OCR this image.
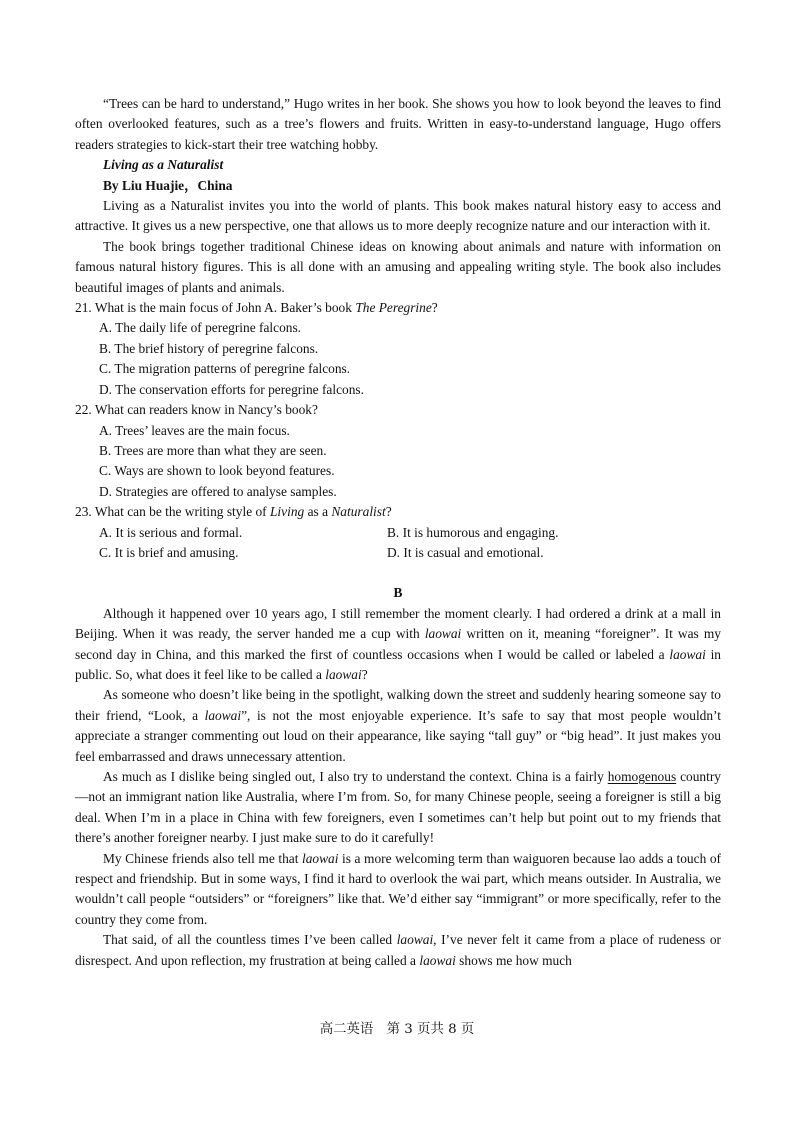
“Trees can be hard to understand,” Hugo writes in her book. She shows you how to look beyond the leaves to find often overlooked features, such as a tree’s flowers and fruits. Written in easy-to-understand language, Hugo offers readers strategies to kick-start their tree watching hobby.

Living as a Naturalist

By Liu Huajie，China

Living as a Naturalist invites you into the world of plants. This book makes natural history easy to access and attractive. It gives us a new perspective, one that allows us to more deeply recognize nature and our interaction with it.

The book brings together traditional Chinese ideas on knowing about animals and nature with information on famous natural history figures. This is all done with an amusing and appealing writing style. The book also includes beautiful images of plants and animals.

21. What is the main focus of John A. Baker’s book The Peregrine?

A. The daily life of peregrine falcons.

B. The brief history of peregrine falcons.

C. The migration patterns of peregrine falcons.

D. The conservation efforts for peregrine falcons.

22. What can readers know in Nancy’s book?

A. Trees’ leaves are the main focus.

B. Trees are more than what they are seen.

C. Ways are shown to look beyond features.

D. Strategies are offered to analyse samples.

23. What can be the writing style of Living as a Naturalist?

A. It is serious and formal.	B. It is humorous and engaging.
C. It is brief and amusing.	D. It is casual and emotional.

B

Although it happened over 10 years ago, I still remember the moment clearly. I had ordered a drink at a mall in Beijing. When it was ready, the server handed me a cup with laowai written on it, meaning “foreigner”. It was my second day in China, and this marked the first of countless occasions when I would be called or labeled a laowai in public. So, what does it feel like to be called a laowai?

As someone who doesn’t like being in the spotlight, walking down the street and suddenly hearing someone say to their friend, “Look, a laowai”, is not the most enjoyable experience. It’s safe to say that most people wouldn’t appreciate a stranger commenting out loud on their appearance, like saying “tall guy” or “big head”. It just makes you feel embarrassed and draws unnecessary attention.

As much as I dislike being singled out, I also try to understand the context. China is a fairly homogenous country—not an immigrant nation like Australia, where I’m from. So, for many Chinese people, seeing a foreigner is still a big deal. When I’m in a place in China with few foreigners, even I sometimes can’t help but point out to my friends that there’s another foreigner nearby. I just make sure to do it carefully!

My Chinese friends also tell me that laowai is a more welcoming term than waiguoren because lao adds a touch of respect and friendship. But in some ways, I find it hard to overlook the wai part, which means outsider. In Australia, we wouldn’t call people “outsiders” or “foreigners” like that. We’d either say “immigrant” or more specifically, refer to the country they come from.

That said, of all the countless times I’ve been called laowai, I’ve never felt it came from a place of rudeness or disrespect. And upon reflection, my frustration at being called a laowai shows me how much

高二英语　第 3 页共 8 页
